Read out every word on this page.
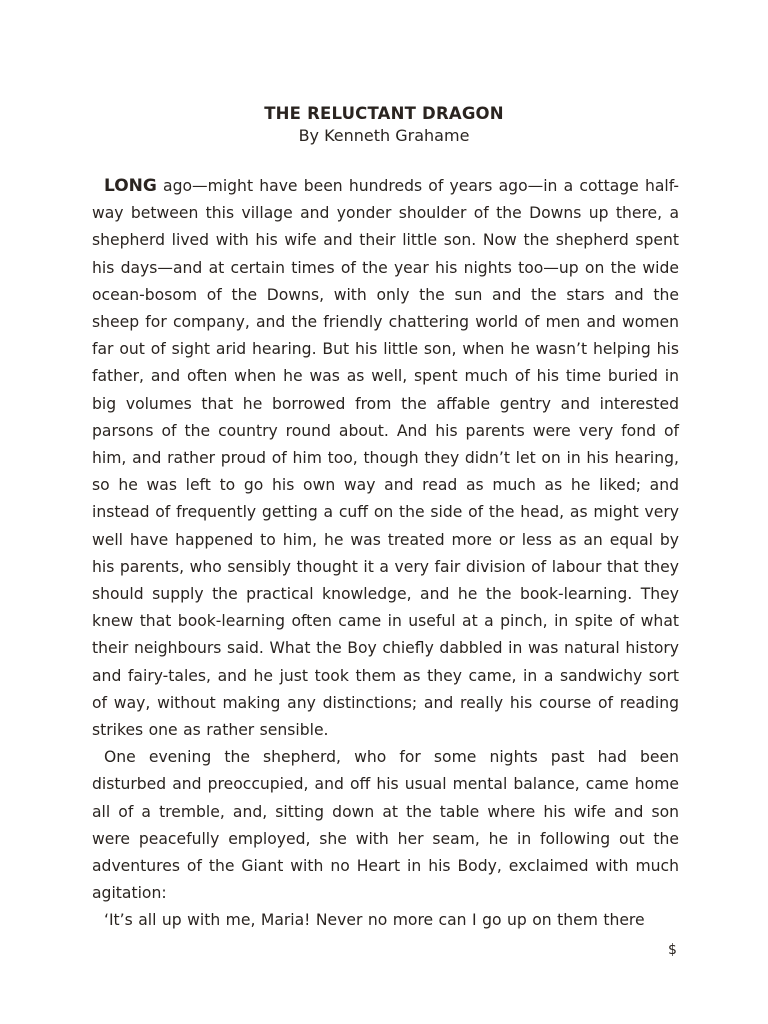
THE RELUCTANT DRAGON
By Kenneth Grahame

LONG ago—might have been hundreds of years ago—in a cottage half-way between this village and yonder shoulder of the Downs up there, a shepherd lived with his wife and their little son. Now the shepherd spent his days—and at certain times of the year his nights too—up on the wide ocean-bosom of the Downs, with only the sun and the stars and the sheep for company, and the friendly chattering world of men and women far out of sight arid hearing. But his little son, when he wasn’t helping his father, and often when he was as well, spent much of his time buried in big volumes that he borrowed from the affable gentry and interested parsons of the country round about. And his parents were very fond of him, and rather proud of him too, though they didn’t let on in his hearing, so he was left to go his own way and read as much as he liked; and instead of frequently getting a cuff on the side of the head, as might very well have happened to him, he was treated more or less as an equal by his parents, who sensibly thought it a very fair division of labour that they should supply the practical knowledge, and he the book-learning. They knew that book-learning often came in useful at a pinch, in spite of what their neighbours said. What the Boy chiefly dabbled in was natural history and fairy-tales, and he just took them as they came, in a sandwichy sort of way, without making any distinctions; and really his course of reading strikes one as rather sensible.

One evening the shepherd, who for some nights past had been disturbed and preoccupied, and off his usual mental balance, came home all of a tremble, and, sitting down at the table where his wife and son were peacefully employed, she with her seam, he in following out the adventures of the Giant with no Heart in his Body, exclaimed with much agitation:

‘It’s all up with me, Maria! Never no more can I go up on them there

$
